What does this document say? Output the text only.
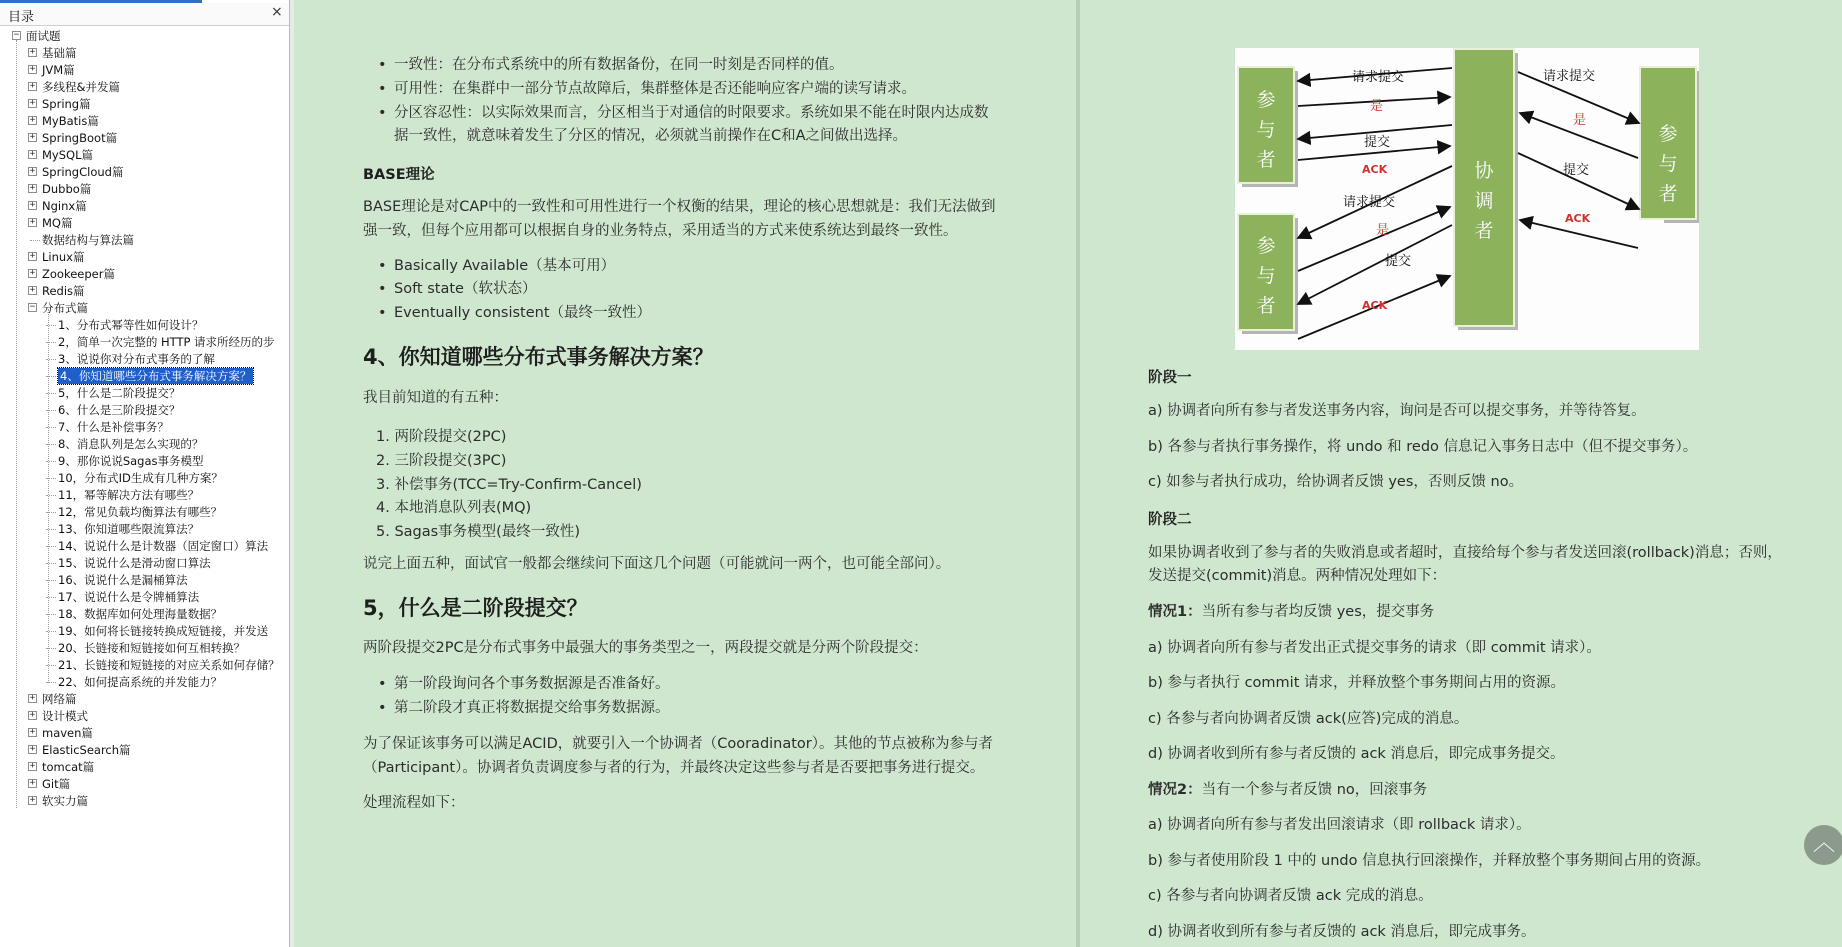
目录	×
− 面试题
+ 基础篇
+ JVM篇
+ 多线程&并发篇
+ Spring篇
+ MyBatis篇
+ SpringBoot篇
+ MySQL篇
+ SpringCloud篇
+ Dubbo篇
+ Nginx篇
+ MQ篇
数据结构与算法篇
+ Linux篇
+ Zookeeper篇
+ Redis篇
− 分布式篇
1、分布式幂等性如何设计？
2，简单一次完整的 HTTP 请求所经历的步
3、说说你对分布式事务的了解
4、你知道哪些分布式事务解决方案？
5，什么是二阶段提交？
6、什么是三阶段提交？
7、什么是补偿事务？
8、消息队列是怎么实现的？
9、那你说说Sagas事务模型
10，分布式ID生成有几种方案？
11，幂等解决方法有哪些？
12，常见负载均衡算法有哪些？
13、你知道哪些限流算法？
14、说说什么是计数器（固定窗口）算法
15、说说什么是滑动窗口算法
16、说说什么是漏桶算法
17、说说什么是令牌桶算法
18、数据库如何处理海量数据？
19、如何将长链接转换成短链接，并发送
20、长链接和短链接如何互相转换？
21、长链接和短链接的对应关系如何存储？
22、如何提高系统的并发能力？
+ 网络篇
+ 设计模式
+ maven篇
+ ElasticSearch篇
+ tomcat篇
+ Git篇
+ 软实力篇
• 一致性：在分布式系统中的所有数据备份，在同一时刻是否同样的值。
• 可用性：在集群中一部分节点故障后，集群整体是否还能响应客户端的读写请求。
• 分区容忍性：以实际效果而言，分区相当于对通信的时限要求。系统如果不能在时限内达成数
据一致性，就意味着发生了分区的情况，必须就当前操作在C和A之间做出选择。
BASE理论
BASE理论是对CAP中的一致性和可用性进行一个权衡的结果，理论的核心思想就是：我们无法做到
强一致，但每个应用都可以根据自身的业务特点，采用适当的方式来使系统达到最终一致性。
• Basically Available（基本可用）
• Soft state（软状态）
• Eventually consistent（最终一致性）
4、你知道哪些分布式事务解决方案？
我目前知道的有五种：
1. 两阶段提交(2PC)
2. 三阶段提交(3PC)
3. 补偿事务(TCC=Try-Confirm-Cancel)
4. 本地消息队列表(MQ)
5. Sagas事务模型(最终一致性)
说完上面五种，面试官一般都会继续问下面这几个问题（可能就问一两个，也可能全部问）。
5，什么是二阶段提交？
两阶段提交2PC是分布式事务中最强大的事务类型之一，两段提交就是分两个阶段提交：
• 第一阶段询问各个事务数据源是否准备好。
• 第二阶段才真正将数据提交给事务数据源。
为了保证该事务可以满足ACID，就要引入一个协调者（Cooradinator）。其他的节点被称为参与者
（Participant）。协调者负责调度参与者的行为，并最终决定这些参与者是否要把事务进行提交。
处理流程如下：
阶段一
a) 协调者向所有参与者发送事务内容，询问是否可以提交事务，并等待答复。
b) 各参与者执行事务操作，将 undo 和 redo 信息记入事务日志中（但不提交事务）。
c) 如参与者执行成功，给协调者反馈 yes，否则反馈 no。
阶段二
如果协调者收到了参与者的失败消息或者超时，直接给每个参与者发送回滚(rollback)消息；否则，
发送提交(commit)消息。两种情况处理如下：
情况1：当所有参与者均反馈 yes，提交事务
a) 协调者向所有参与者发出正式提交事务的请求（即 commit 请求）。
b) 参与者执行 commit 请求，并释放整个事务期间占用的资源。
c) 各参与者向协调者反馈 ack(应答)完成的消息。
d) 协调者收到所有参与者反馈的 ack 消息后，即完成事务提交。
情况2：当有一个参与者反馈 no，回滚事务
a) 协调者向所有参与者发出回滚请求（即 rollback 请求）。
b) 参与者使用阶段 1 中的 undo 信息执行回滚操作，并释放整个事务期间占用的资源。
c) 各参与者向协调者反馈 ack 完成的消息。
d) 协调者收到所有参与者反馈的 ack 消息后，即完成事务。
参
与
者
参
与
者
参
与
者
协
调
者
请求提交
是
提交
ACK
请求提交
是
提交
ACK
请求提交
是
提交
ACK
︿
